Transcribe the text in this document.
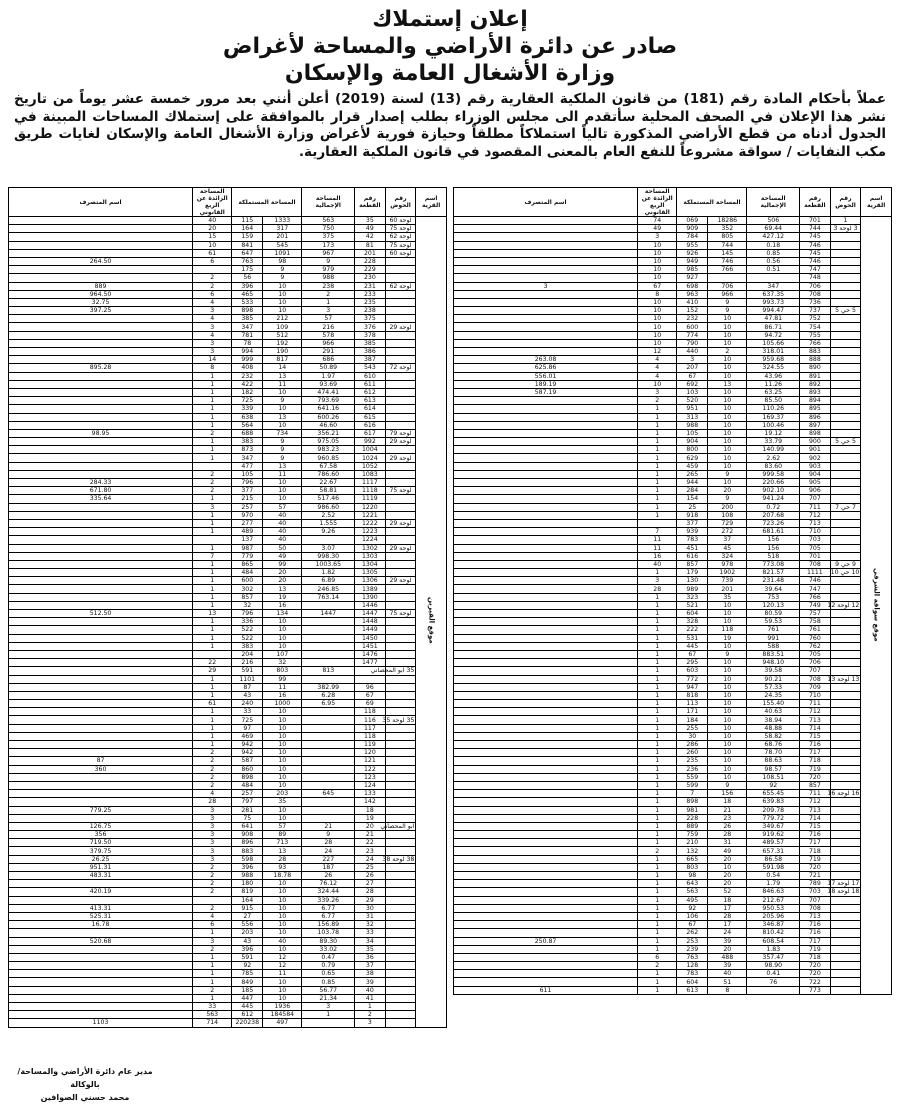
إعلان إستملاك
صادر عن دائرة الأراضي والمساحة لأغراض
وزارة الأشغال العامة والإسكان
عملاً بأحكام المادة رقم (181) من قانون الملكية العقارية رقم (13) لسنة (2019) أعلن أنني بعد مرور خمسة عشر يوماً من تاريخ نشر هذا الإعلان في الصحف المحلية سأتقدم الى مجلس الوزراء بطلب إصدار قرار بالموافقة على إستملاك المساحات المبينة في الجدول أدناه من قطع الأراضي المذكورة تالياً استملاكاً مطلقاً وحيازة فورية لأغراض وزارة الأشغال العامة والإسكان لغايات طريق مكب النفايات / سواقة مشروعاً للنفع العام بالمعنى المقصود في قانون الملكية العقارية.
اسم القرية	رقم الحوض	رقم القطعة	المساحة الإجمالية	المساحة المستملكة		المساحة الزائدة عن الربع القانوني	اسم المتصرف	
موقع سواقة الشرقي	1	701	506	18286	069	74		
	3 لوحة 3	744	69.44	352	909	49		
		745	427.12	805	784	3		
		746	0.18	744	955	10		
		745	0.85	145	926	10		
		746	0.56	746	949	10		
		747	0.51	766	985	10		
		748			927	10		
		706	347	706	698	67	3	
		708	637.35	966	963	8		
		736	993.73	9	410	10		
	5 حي 5	737	994.47	9	152	10		
		752	47.81	10	232	10		
		754	86.71	10	600	10		
		755	94.72	10	774	10		
		766	105.66	10	790	10		
		883	318.01	2	440	12		
		888	959.68	10	3	4	263.08	
		890	324.55	10	207	4	625.86	
		891	43.96	10	67	4	556.01	
		892	11.26	13	692	10	189.19	
		893	63.25	10	103	3	587.19	
		894	85.50	10	520	2		
		895	110.26	10	951	1		
		896	169.37	10	313	1		
		897	100.46	10	988	1		
		898	19.12	10	105	1		
	5 حي 5	900	33.79	10	904	1		
		901	140.99	10	800	1		
		902	2.62	10	629	1		
		903	83.60	10	459	1		
		904	999.58	9	265	1		
		905	220.66	10	944	1		
		906	902.10	20	284	1		
		707	941.24	9	154	1		
	7 حي 7	711	0.72	200	25	1		
		712	207.68	108	918	1		
		713	723.26	729	377			
		710	681.61	272	939	7		
		703	156	37	783	11		
		705	156	45	451	11		
		701	518	324	616	16		
	9 حي 9	708	773.08	978	857	40		
	10 حي 10	1111	821.57	1902	179	1		
		746	231.48	739	130	3		
		747	39.64	201	989	28		
		766	753	35	323	1		
	12 لوحة 12	749	120.13	10	521	1		
		757	80.59	10	604	1		
		758	59.53	10	328	1		
		761	761	118	222	1		
		760	991	19	531	1		
		762	588	10	445	1		
		705	883.51	9	67	1		
		706	948.10	10	295	1		
		707	39.58	10	603	1		
	13 لوحة 13	708	90.21	10	772	1		
		709	57.33	10	947	1		
		710	24.35	10	818	1		
		711	155.40	10	113	1		
		712	40.63	10	171	1		
		713	38.94	10	184	1		
		714	48.88	10	255	1		
		715	58.82	10	30	1		
		716	68.76	10	286	1		
		717	78.70	10	260	1		
		718	88.63	10	235	1		
		719	98.57	10	236	1		
		720	108.51	10	559	1		
		857	92	9	599	1		
	16 لوحة 16	711	655.45	156	7	1		
		712	639.83	18	898	1		
		713	209.78	21	981	1		
		714	779.72	23	228	1		
		715	349.67	26	889	1		
		716	919.62	28	759	1		
		717	489.57	31	210	1		
		718	657.31	49	132	2		
		719	86.58	20	665	1		
		720	591.98	10	803	1		
		721	0.54	20	98	1		
	17 لوحة 17	789	1.79	20	643	1		
	18 لوحة 18	703	846.63	52	563	1		
		707	212.67	18	495	1		
		708	950.53	17	92	1		
		713	205.96	28	106	1		
		716	346.87	17	67	1		
		716	810.42	24	262	1		
		717	608.54	39	253	1	250.87	
		719	1.83	20	239	1		
		718	357.47	488	763	6		
		720	98.90	39	128	2		
		720	0.41	40	783	1		
		722	76	51	604	1		
		773		8	613	1	611	
اسم القرية	رقم الحوض	رقم القطعة	المساحة الإجمالية	المساحة المستملكة		المساحة الزائدة عن الربع القانوني	اسم المتصرف	
موقع القيرين	لوحة 60	35	563	1333	115	40		
	لوحة 75	49	750	317	164	20		
	لوحة 62	42	375	201	159	15		
	لوحة 75	81	173	545	841	10		
	لوحة 60	201	967	1091	647	61		
		228	9	98	763	6	264.50	
		229	979	9	175			
		230	988	9	56	2		
	لوحة 62	231	238	10	396	2	889	
		233	2	10	465	6	964.50	
		235	1	10	533	4	32.75	
		238	3	10	898	3	397.25	
		375	57	212	385	4		
	لوحة 29	376	216	109	347	3		
		378	578	512	781	4		
		385	966	192	78	3		
		386	291	190	994	3		
		387	686	817	999	14		
	لوحة 72	543	50.89	14	408	8	895.28	
		610	1.97	13	232	1		
		611	93.69	11	422	1		
		612	474.41	10	182	1		
		613	793.69	9	725	1		
		614	641.16	10	339	1		
		615	600.26	13	638	1		
		616	46.60	10	564	1		
	لوحة 79	617	356.21	734	688	2	98.95	
	لوحة 29	992	975.05	9	383	1		
		1004	983.23	9	873	1		
	لوحة 29	1024	960.85	9	347	1		
		1052	67.58	13	477			
		1083	786.60	11	105	2		
		1117	22.67	10	796	2	284.33	
	لوحة 75	1118	58.81	10	377	2	671.80	
		1119	517.46	10	215	1	335.64	
		1220	986.60	57	257	3		
		1221	2.52	40	970	1		
	لوحة 29	1222	1.555	40	277	1		
		1223	9.26	40	489	1		
		1224		40	137			
	لوحة 29	1302	3.07	50	987	1		
		1303	998.30	49	779	7		
		1304	1003.65	99	865	1		
		1305	1.82	20	484	1		
	لوحة 29	1306	6.89	20	600	1		
		1389	246.85	13	302	1		
		1390	763.14	19	857	1		
		1446		16	32	1		
	لوحة 75	1447	1447	134	796	13	512.50	
		1448		10	336	1		
		1449		10	522	1		
		1450		10	522	1		
		1451		10	383	1		
		1476		107	204			
		1477		32	216	22		
	35 ابو المحصاني		813	803	591	29		
				99	1101	1		
		96	382.99	11	87	1		
		67	6.28	16	43	1		
		69	6.95	1000	240	61		
		118		10	33	1		
	35 لوحة 35	116		10	725	1		
		117		10	97	1		
		118		10	469	1		
		119		10	942	1		
		120		10	942	2		
		121		10	587	2	87	
		122		10	860	2	360	
		123		10	898	2		
		124		10	484	2		
		133	645	203	257	4		
		142		35	797	28		
		18		10	281	3	779.25	
		19		10	75	3		
	ابو المحصاني	20	21	57	641	3	126.75	
		21	9	89	908	3	356	
		22	28	713	896	3	719.50	
		23	24	13	883	3	379.75	
	38 لوحة 38	24	227	28	598	3	26.25	
		25	187	93	396	2	951.31	
		26	26	18.78	988	2	483.31	
		27	76.12	10	180	2		
		28	324.44	10	819	2	420.19	
		29	339.26	10	164			
		30	6.77	10	915	2	413.31	
		31	6.77	10	27	4	525.31	
		32	156.89	10	556	6	16.78	
		33	103.78	10	203	1		
		34	89.30	40	43	3	520.68	
		35	33.02	10	396	2		
		36	0.47	12	591	1		
		37	0.79	12	92	1		
		38	0.65	11	785	1		
		39	0.85	10	849	1		
		40	56.77	10	185	2		
		41	21.34	10	447	1		
		1	3	1936	445	33		
		2	1	184584	612	563		
		3		497	220238	714	1103	
مدير عام دائرة الأراضي والمساحة/بالوكالة
محمد حسني الصوافين
